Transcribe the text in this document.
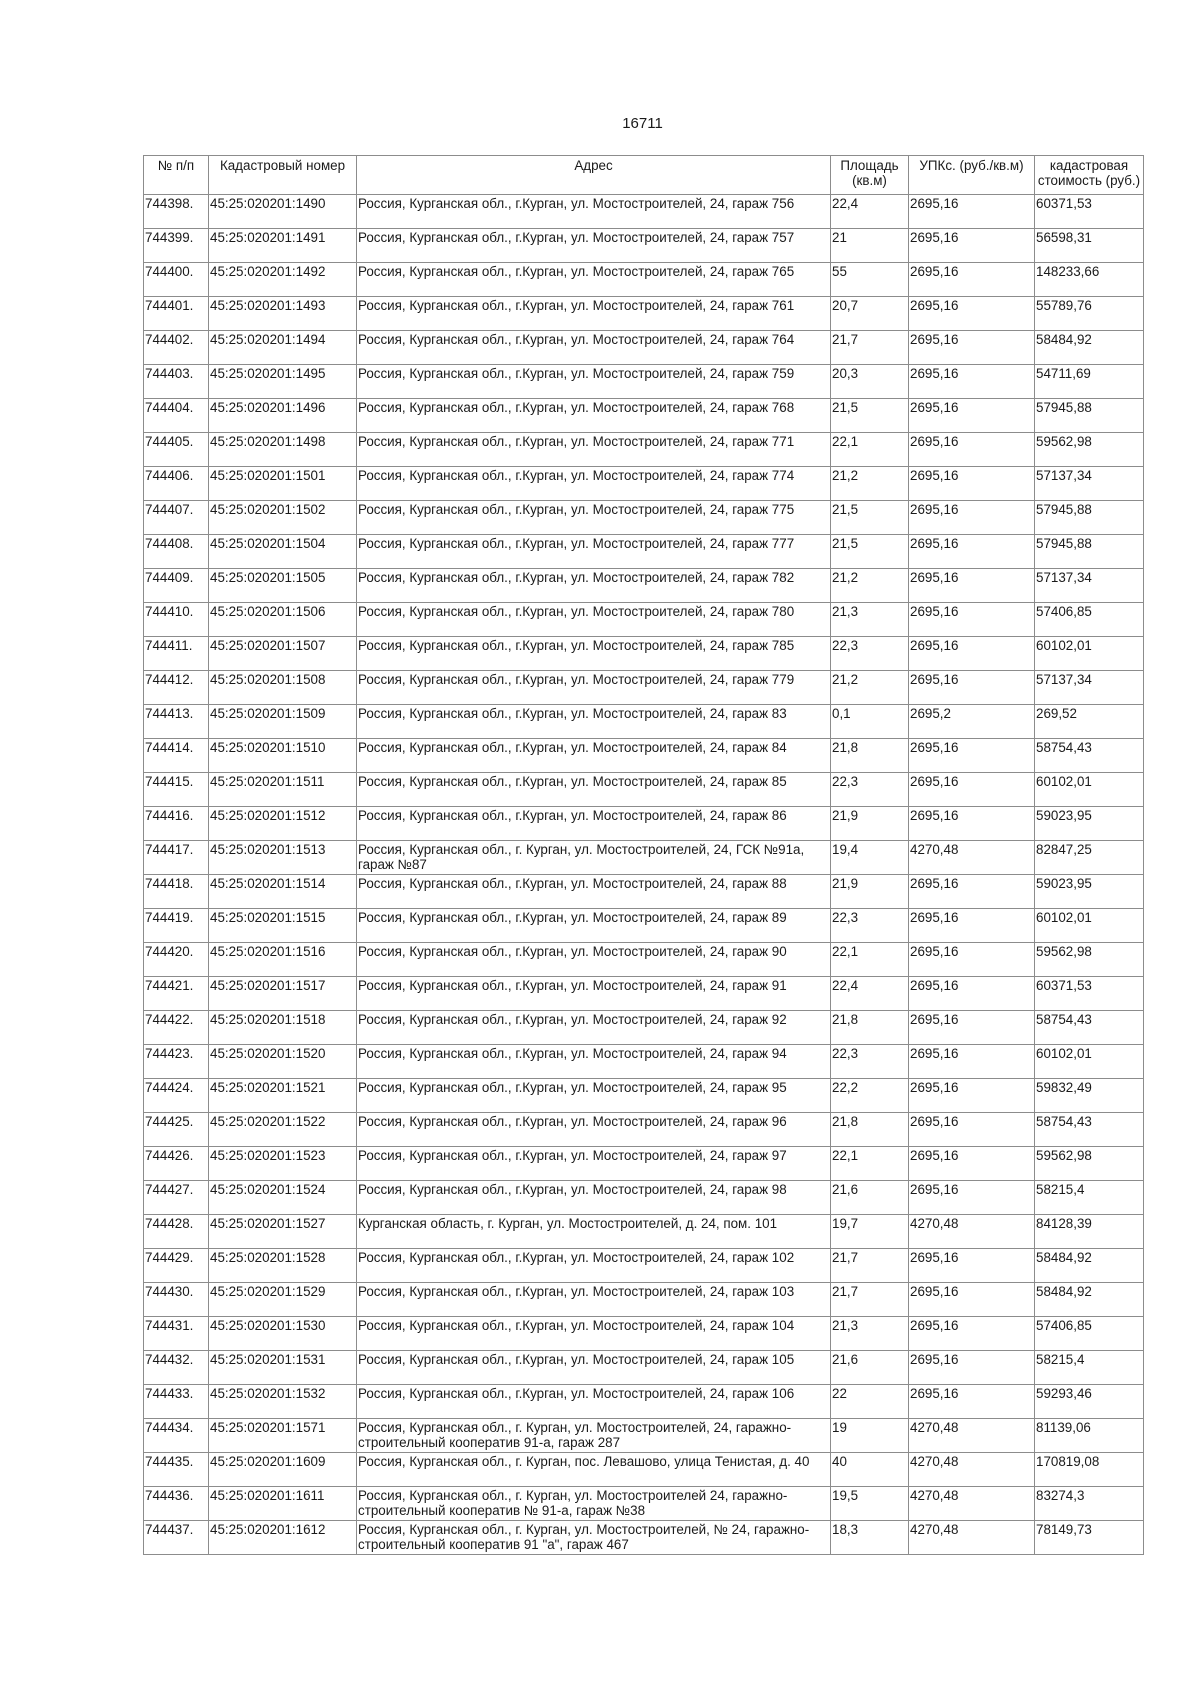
16711
№ п/п	Кадастровый номер	Адрес	Площадь (кв.м)	УПКс. (руб./кв.м)	кадастровая стоимость (руб.)
744398.	45:25:020201:1490	Россия, Курганская обл., г.Курган, ул. Мостостроителей, 24, гараж 756	22,4	2695,16	60371,53
744399.	45:25:020201:1491	Россия, Курганская обл., г.Курган, ул. Мостостроителей, 24, гараж 757	21	2695,16	56598,31
744400.	45:25:020201:1492	Россия, Курганская обл., г.Курган, ул. Мостостроителей, 24, гараж 765	55	2695,16	148233,66
744401.	45:25:020201:1493	Россия, Курганская обл., г.Курган, ул. Мостостроителей, 24, гараж 761	20,7	2695,16	55789,76
744402.	45:25:020201:1494	Россия, Курганская обл., г.Курган, ул. Мостостроителей, 24, гараж 764	21,7	2695,16	58484,92
744403.	45:25:020201:1495	Россия, Курганская обл., г.Курган, ул. Мостостроителей, 24, гараж 759	20,3	2695,16	54711,69
744404.	45:25:020201:1496	Россия, Курганская обл., г.Курган, ул. Мостостроителей, 24, гараж 768	21,5	2695,16	57945,88
744405.	45:25:020201:1498	Россия, Курганская обл., г.Курган, ул. Мостостроителей, 24, гараж 771	22,1	2695,16	59562,98
744406.	45:25:020201:1501	Россия, Курганская обл., г.Курган, ул. Мостостроителей, 24, гараж 774	21,2	2695,16	57137,34
744407.	45:25:020201:1502	Россия, Курганская обл., г.Курган, ул. Мостостроителей, 24, гараж 775	21,5	2695,16	57945,88
744408.	45:25:020201:1504	Россия, Курганская обл., г.Курган, ул. Мостостроителей, 24, гараж 777	21,5	2695,16	57945,88
744409.	45:25:020201:1505	Россия, Курганская обл., г.Курган, ул. Мостостроителей, 24, гараж 782	21,2	2695,16	57137,34
744410.	45:25:020201:1506	Россия, Курганская обл., г.Курган, ул. Мостостроителей, 24, гараж 780	21,3	2695,16	57406,85
744411.	45:25:020201:1507	Россия, Курганская обл., г.Курган, ул. Мостостроителей, 24, гараж 785	22,3	2695,16	60102,01
744412.	45:25:020201:1508	Россия, Курганская обл., г.Курган, ул. Мостостроителей, 24, гараж 779	21,2	2695,16	57137,34
744413.	45:25:020201:1509	Россия, Курганская обл., г.Курган, ул. Мостостроителей, 24, гараж 83	0,1	2695,2	269,52
744414.	45:25:020201:1510	Россия, Курганская обл., г.Курган, ул. Мостостроителей, 24, гараж 84	21,8	2695,16	58754,43
744415.	45:25:020201:1511	Россия, Курганская обл., г.Курган, ул. Мостостроителей, 24, гараж 85	22,3	2695,16	60102,01
744416.	45:25:020201:1512	Россия, Курганская обл., г.Курган, ул. Мостостроителей, 24, гараж 86	21,9	2695,16	59023,95
744417.	45:25:020201:1513	Россия, Курганская обл., г. Курган, ул. Мостостроителей, 24, ГСК №91а, гараж №87	19,4	4270,48	82847,25
744418.	45:25:020201:1514	Россия, Курганская обл., г.Курган, ул. Мостостроителей, 24, гараж 88	21,9	2695,16	59023,95
744419.	45:25:020201:1515	Россия, Курганская обл., г.Курган, ул. Мостостроителей, 24, гараж 89	22,3	2695,16	60102,01
744420.	45:25:020201:1516	Россия, Курганская обл., г.Курган, ул. Мостостроителей, 24, гараж 90	22,1	2695,16	59562,98
744421.	45:25:020201:1517	Россия, Курганская обл., г.Курган, ул. Мостостроителей, 24, гараж 91	22,4	2695,16	60371,53
744422.	45:25:020201:1518	Россия, Курганская обл., г.Курган, ул. Мостостроителей, 24, гараж 92	21,8	2695,16	58754,43
744423.	45:25:020201:1520	Россия, Курганская обл., г.Курган, ул. Мостостроителей, 24, гараж 94	22,3	2695,16	60102,01
744424.	45:25:020201:1521	Россия, Курганская обл., г.Курган, ул. Мостостроителей, 24, гараж 95	22,2	2695,16	59832,49
744425.	45:25:020201:1522	Россия, Курганская обл., г.Курган, ул. Мостостроителей, 24, гараж 96	21,8	2695,16	58754,43
744426.	45:25:020201:1523	Россия, Курганская обл., г.Курган, ул. Мостостроителей, 24, гараж 97	22,1	2695,16	59562,98
744427.	45:25:020201:1524	Россия, Курганская обл., г.Курган, ул. Мостостроителей, 24, гараж 98	21,6	2695,16	58215,4
744428.	45:25:020201:1527	Курганская область, г. Курган, ул. Мостостроителей, д. 24, пом. 101	19,7	4270,48	84128,39
744429.	45:25:020201:1528	Россия, Курганская обл., г.Курган, ул. Мостостроителей, 24, гараж 102	21,7	2695,16	58484,92
744430.	45:25:020201:1529	Россия, Курганская обл., г.Курган, ул. Мостостроителей, 24, гараж 103	21,7	2695,16	58484,92
744431.	45:25:020201:1530	Россия, Курганская обл., г.Курган, ул. Мостостроителей, 24, гараж 104	21,3	2695,16	57406,85
744432.	45:25:020201:1531	Россия, Курганская обл., г.Курган, ул. Мостостроителей, 24, гараж 105	21,6	2695,16	58215,4
744433.	45:25:020201:1532	Россия, Курганская обл., г.Курган, ул. Мостостроителей, 24, гараж 106	22	2695,16	59293,46
744434.	45:25:020201:1571	Россия, Курганская обл., г. Курган, ул. Мостостроителей, 24, гаражно-строительный кооператив 91-а, гараж 287	19	4270,48	81139,06
744435.	45:25:020201:1609	Россия, Курганская обл., г. Курган, пос. Левашово, улица Тенистая, д. 40	40	4270,48	170819,08
744436.	45:25:020201:1611	Россия, Курганская обл., г. Курган, ул. Мостостроителей 24, гаражно-строительный кооператив № 91-а, гараж №38	19,5	4270,48	83274,3
744437.	45:25:020201:1612	Россия, Курганская обл., г. Курган, ул. Мостостроителей, № 24, гаражно-строительный кооператив 91 "а", гараж 467	18,3	4270,48	78149,73
